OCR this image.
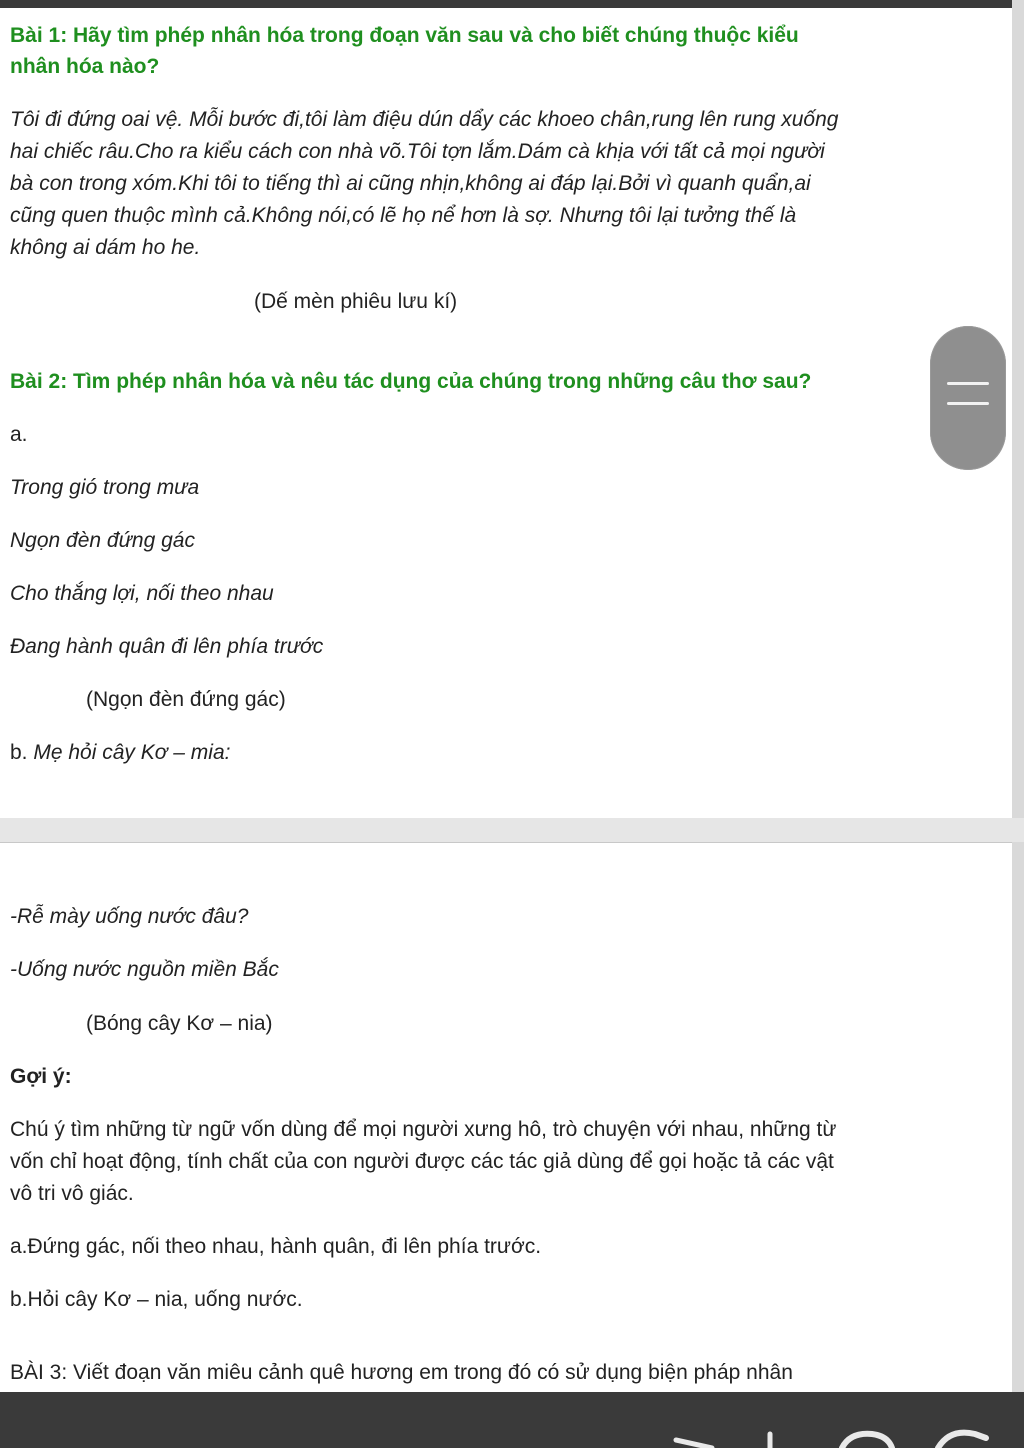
Bài 1: Hãy tìm phép nhân hóa trong đoạn văn sau và cho biết chúng thuộc kiểu
nhân hóa nào?
Tôi đi đứng oai vệ. Mỗi bước đi,tôi làm điệu dún dẩy các khoeo chân,rung lên rung xuống
hai chiếc râu.Cho ra kiểu cách con nhà võ.Tôi tợn lắm.Dám cà khịa với tất cả mọi người
bà con trong xóm.Khi tôi to tiếng thì ai cũng nhịn,không ai đáp lại.Bởi vì quanh quẩn,ai
cũng quen thuộc mình cả.Không nói,có lẽ họ nể hơn là sợ. Nhưng tôi lại tưởng thế là
không ai dám ho he.
(Dế mèn phiêu lưu kí)
Bài 2: Tìm phép nhân hóa và nêu tác dụng của chúng trong những câu thơ sau?
a.
Trong gió trong mưa
Ngọn đèn đứng gác
Cho thắng lợi, nối theo nhau
Đang hành quân đi lên phía trước
(Ngọn đèn đứng gác)
b. Mẹ hỏi cây Kơ – mia:
-Rễ mày uống nước đâu?
-Uống nước nguồn miền Bắc
(Bóng cây Kơ – nia)
Gợi ý:
Chú ý tìm những từ ngữ vốn dùng để mọi người xưng hô, trò chuyện với nhau, những từ
vốn chỉ hoạt động, tính chất của con người được các tác giả dùng để gọi hoặc tả các vật
vô tri vô giác.
a.Đứng gác, nối theo nhau, hành quân, đi lên phía trước.
b.Hỏi cây Kơ – nia, uống nước.
BÀI 3: Viết đoạn văn miêu cảnh quê hương em trong đó có sử dụng biện pháp nhân
